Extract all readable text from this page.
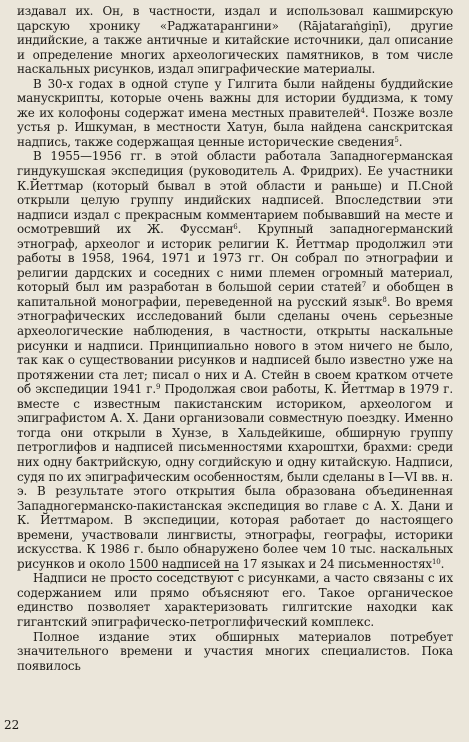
издавал их. Он, в частности, издал и использовал кашмирскую царскую хронику «Раджатарангини» (Rājataraṅgiṇī), другие индийские, а также античные и китайские источники, дал описание и определение многих археологических памятников, в том числе наскальных рисунков, издал эпиграфические материалы.

В 30-х годах в одной ступе у Гилгита были найдены буддийские манускрипты, которые очень важны для истории буддизма, к тому же их колофоны содержат имена местных правителей$^4$. Позже возле устья р. Ишкуман, в местности Хатун, была найдена санскритская надпись, также содержащая ценные исторические сведения$^5$.

В 1955—1956 гг. в этой области работала Западногерманская гиндукушская экспедиция (руководитель А. Фридрих). Ее участники К.Йеттмар (который бывал в этой области и раньше) и П.Сной открыли целую группу индийских надписей. Впоследствии эти надписи издал с прекрасным комментарием побывавший на месте и осмотревший их Ж. Фуссман$^6$. Крупный западногерманский этнограф, археолог и историк религии К. Йеттмар продолжил эти работы в 1958, 1964, 1971 и 1973 гг. Он собрал по этнографии и религии дардских и соседних с ними племен огромный материал, который был им разработан в большой серии статей$^7$ и обобщен в капитальной монографии, переведенной на русский язык$^8$. Во время этнографических исследований были сделаны очень серьезные археологические наблюдения, в частности, открыты наскальные рисунки и надписи. Принципиально нового в этом ничего не было, так как о существовании рисунков и надписей было известно уже на протяжении ста лет; писал о них и А. Стейн в своем кратком отчете об экспедиции 1941 г.$^9$ Продолжая свои работы, К. Йеттмар в 1979 г. вместе с известным пакистанским историком, археологом и эпиграфистом А. Х. Дани организовали совместную поездку. Именно тогда они открыли в Хунзе, в Хальдейкише, обширную группу петроглифов и надписей письменностями кхароштхи, брахми: среди них одну бактрийскую, одну согдийскую и одну китайскую. Надписи, судя по их эпиграфическим особенностям, были сделаны в I—VI вв. н. э. В результате этого открытия была образована объединенная Западногерманско-пакистанская экспедиция во главе с А. Х. Дани и К. Йеттмаром. В экспедиции, которая работает до настоящего времени, участвовали лингвисты, этнографы, географы, историки искусства. К 1986 г. было обнаружено более чем 10 тыс. наскальных рисунков и около 1500 надписей на 17 языках и 24 письменностях$^{10}$.

Надписи не просто соседствуют с рисунками, а часто связаны с их содержанием или прямо объясняют его. Такое органическое единство позволяет характеризовать гилгитские находки как гигантский эпиграфическо-петроглифический комплекс.

Полное издание этих обширных материалов потребует значительного времени и участия многих специалистов. Пока появилось

22
